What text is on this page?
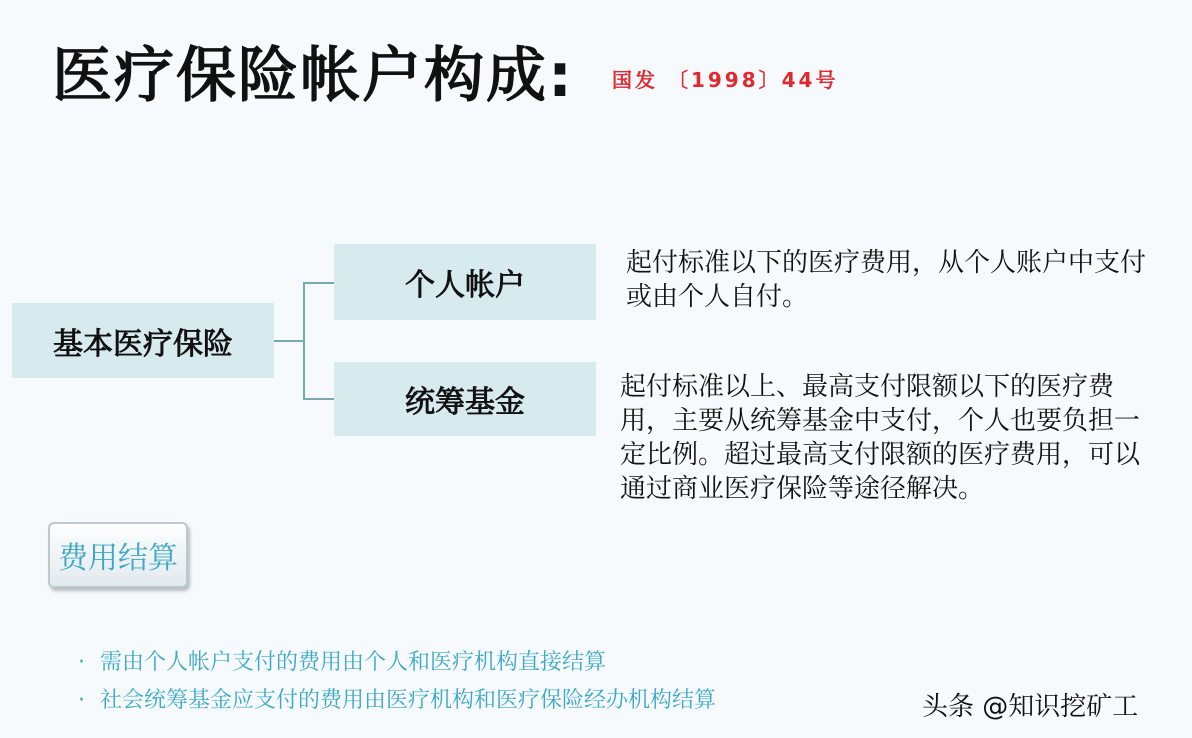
医疗保险帐户构成: 国发 〔1998〕44号
基本医疗保险
个人帐户
统筹基金
起付标准以下的医疗费用，从个人账户中支付或由个人自付。
起付标准以上、最高支付限额以下的医疗费用，主要从统筹基金中支付，个人也要负担一定比例。超过最高支付限额的医疗费用，可以通过商业医疗保险等途径解决。
费用结算
· 需由个人帐户支付的费用由个人和医疗机构直接结算
· 社会统筹基金应支付的费用由医疗机构和医疗保险经办机构结算	头条 @知识挖矿工
